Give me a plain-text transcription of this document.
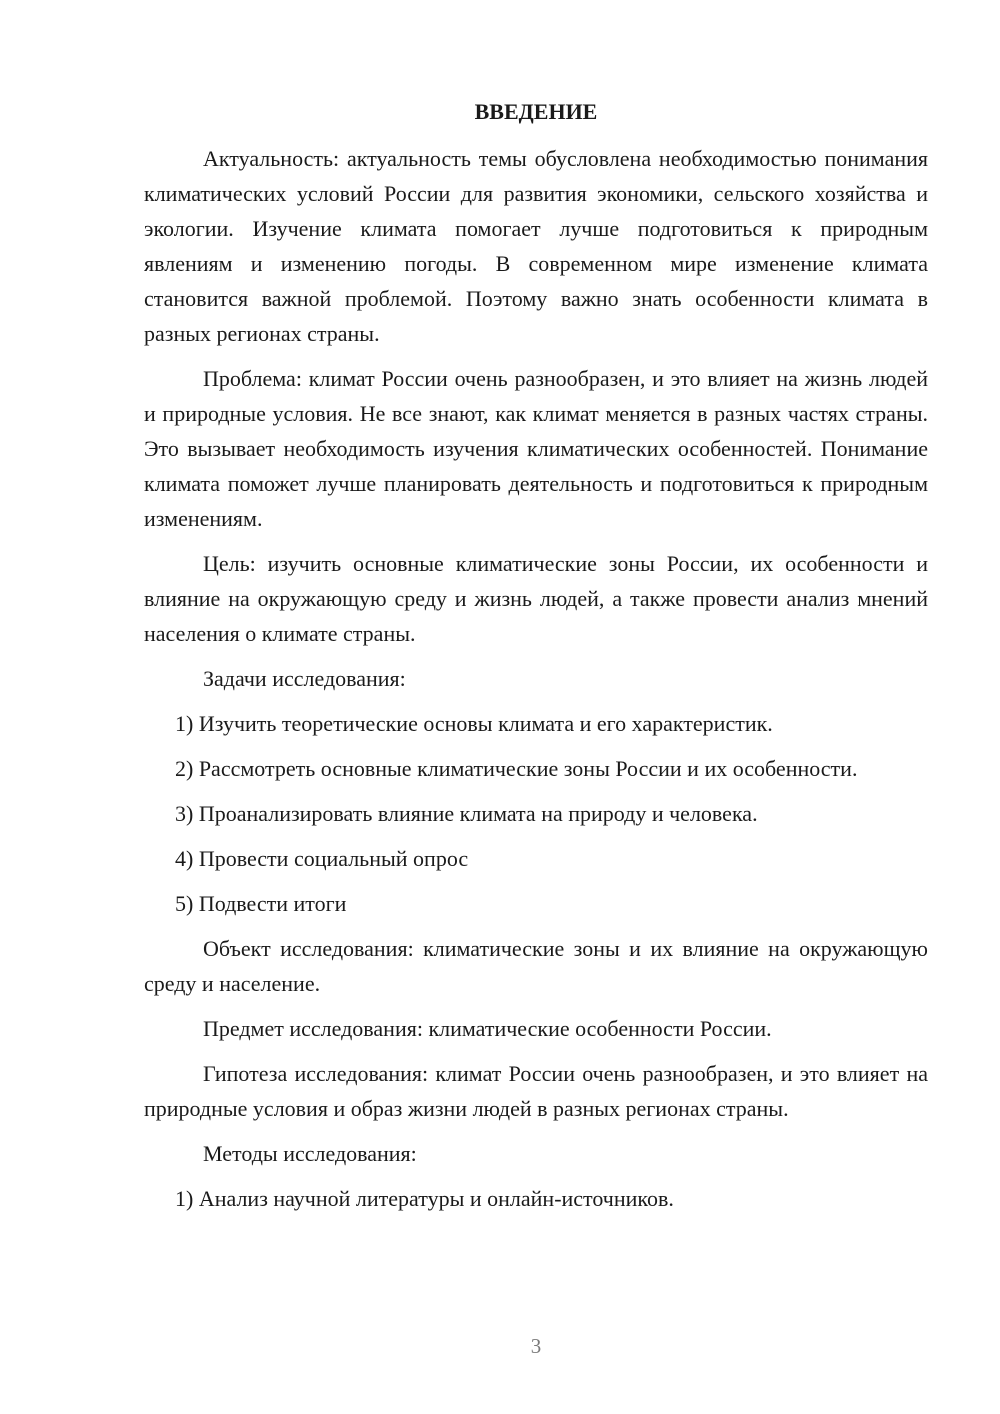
ВВЕДЕНИЕ

Актуальность: актуальность темы обусловлена необходимостью понимания климатических условий России для развития экономики, сельского хозяйства и экологии. Изучение климата помогает лучше подготовиться к природным явлениям и изменению погоды. В современном мире изменение климата становится важной проблемой. Поэтому важно знать особенности климата в разных регионах страны.

Проблема: климат России очень разнообразен, и это влияет на жизнь людей и природные условия. Не все знают, как климат меняется в разных частях страны. Это вызывает необходимость изучения климатических особенностей. Понимание климата поможет лучше планировать деятельность и подготовиться к природным изменениям.

Цель: изучить основные климатические зоны России, их особенности и влияние на окружающую среду и жизнь людей, а также провести анализ мнений населения о климате страны.

Задачи исследования:

1) Изучить теоретические основы климата и его характеристик.

2) Рассмотреть основные климатические зоны России и их особенности.

3) Проанализировать влияние климата на природу и человека.

4) Провести социальный опрос

5) Подвести итоги

Объект исследования: климатические зоны и их влияние на окружающую среду и население.

Предмет исследования: климатические особенности России.

Гипотеза исследования: климат России очень разнообразен, и это влияет на природные условия и образ жизни людей в разных регионах страны.

Методы исследования:

1) Анализ научной литературы и онлайн-источников.

3
